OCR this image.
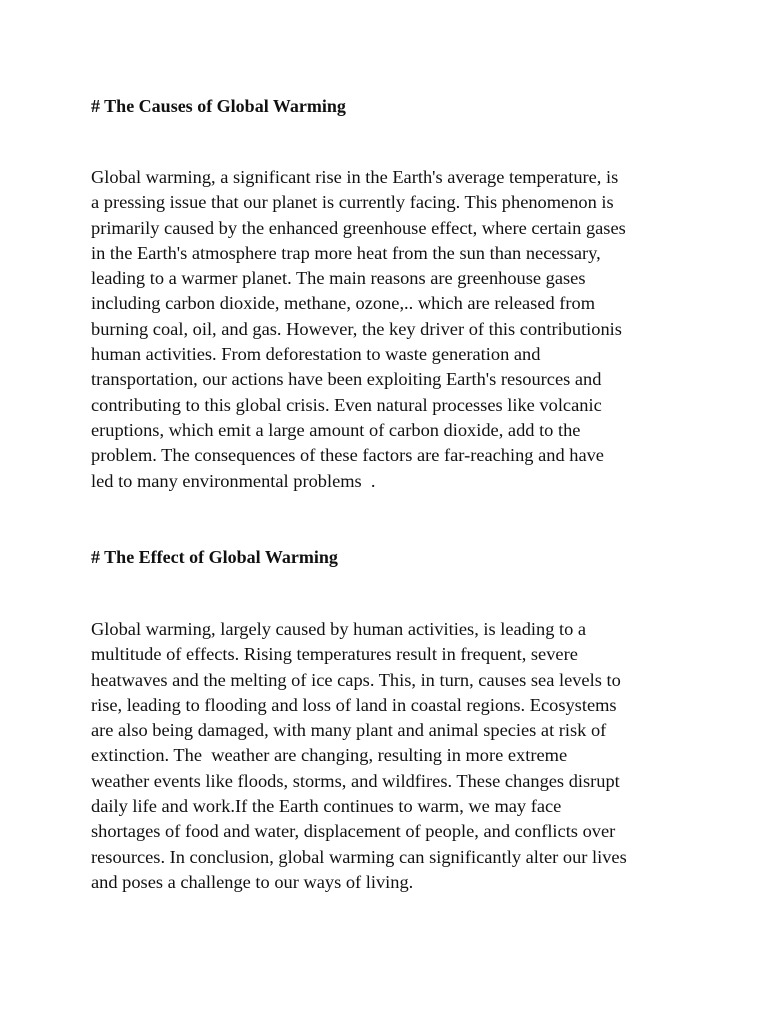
# The Causes of Global Warming
Global warming, a significant rise in the Earth's average temperature, is
a pressing issue that our planet is currently facing. This phenomenon is
primarily caused by the enhanced greenhouse effect, where certain gases
in the Earth's atmosphere trap more heat from the sun than necessary,
leading to a warmer planet. The main reasons are greenhouse gases
including carbon dioxide, methane, ozone,.. which are released from
burning coal, oil, and gas. However, the key driver of this contributionis
human activities. From deforestation to waste generation and
transportation, our actions have been exploiting Earth's resources and
contributing to this global crisis. Even natural processes like volcanic
eruptions, which emit a large amount of carbon dioxide, add to the
problem. The consequences of these factors are far-reaching and have
led to many environmental problems  .
# The Effect of Global Warming
Global warming, largely caused by human activities, is leading to a
multitude of effects. Rising temperatures result in frequent, severe
heatwaves and the melting of ice caps. This, in turn, causes sea levels to
rise, leading to flooding and loss of land in coastal regions. Ecosystems
are also being damaged, with many plant and animal species at risk of
extinction. The  weather are changing, resulting in more extreme
weather events like floods, storms, and wildfires. These changes disrupt
daily life and work.If the Earth continues to warm, we may face
shortages of food and water, displacement of people, and conflicts over
resources. In conclusion, global warming can significantly alter our lives
and poses a challenge to our ways of living.
